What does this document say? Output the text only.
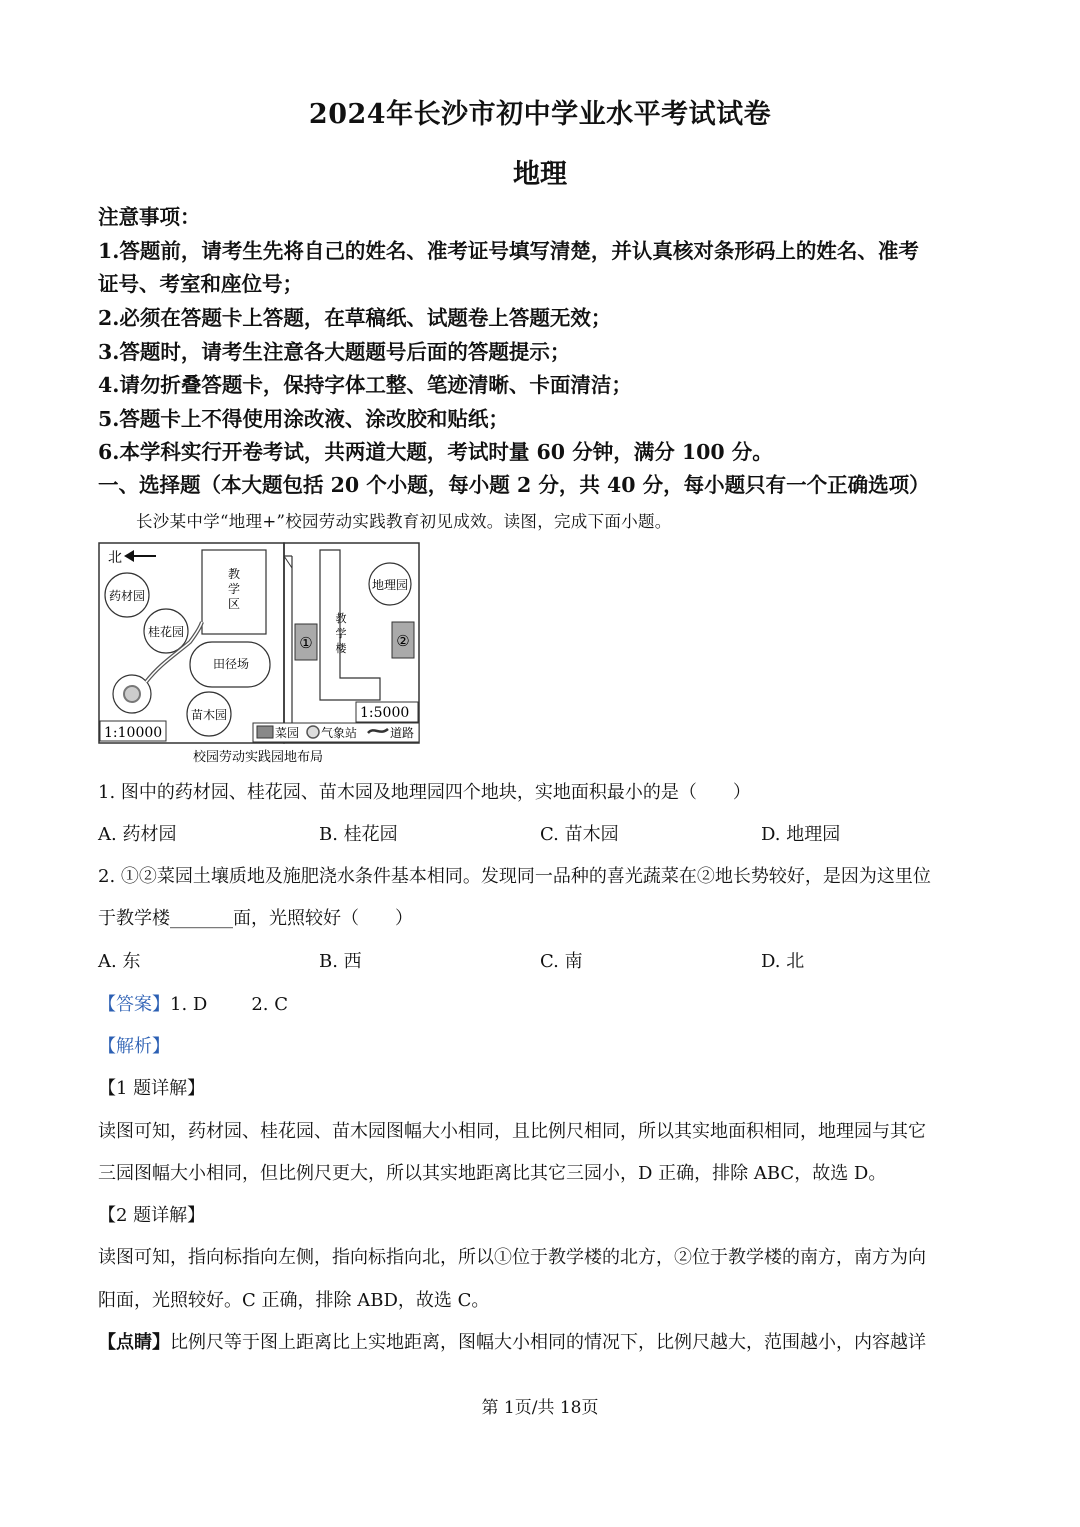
2024年长沙市初中学业水平考试试卷
地理
注意事项：
1.答题前，请考生先将自己的姓名、准考证号填写清楚，并认真核对条形码上的姓名、准考
证号、考室和座位号；
2.必须在答题卡上答题，在草稿纸、试题卷上答题无效；
3.答题时，请考生注意各大题题号后面的答题提示；
4.请勿折叠答题卡，保持字体工整、笔迹清晰、卡面清洁；
5.答题卡上不得使用涂改液、涂改胶和贴纸；
6.本学科实行开卷考试，共两道大题，考试时量 60 分钟，满分 100 分。
一、选择题（本大题包括 20 个小题，每小题 2 分，共 40 分，每小题只有一个正确选项）
长沙某中学“地理+”校园劳动实践教育初见成效。读图，完成下面小题。
北
药材园
桂花园
苗木园
教
学
区
田径场
教
学
楼
①
地理园
②
1:10000
1:5000
菜园 气象站	道路
校园劳动实践园地布局
1. 图中的药材园、桂花园、苗木园及地理园四个地块，实地面积最小的是（　　）
A. 药材园	B. 桂花园	C. 苗木园	D. 地理园
2. ①②菜园土壤质地及施肥浇水条件基本相同。发现同一品种的喜光蔬菜在②地长势较好，是因为这里位
于教学楼_______面，光照较好（　　）
A. 东	B. 西	C. 南	D. 北
【答案】1. D 2. C
【解析】
【1 题详解】
读图可知，药材园、桂花园、苗木园图幅大小相同，且比例尺相同，所以其实地面积相同，地理园与其它
三园图幅大小相同，但比例尺更大，所以其实地距离比其它三园小，D 正确，排除 ABC，故选 D。
【2 题详解】
读图可知，指向标指向左侧，指向标指向北，所以①位于教学楼的北方，②位于教学楼的南方，南方为向
阳面，光照较好。C 正确，排除 ABD，故选 C。
【点睛】比例尺等于图上距离比上实地距离，图幅大小相同的情况下，比例尺越大，范围越小，内容越详
第 1页/共 18页
